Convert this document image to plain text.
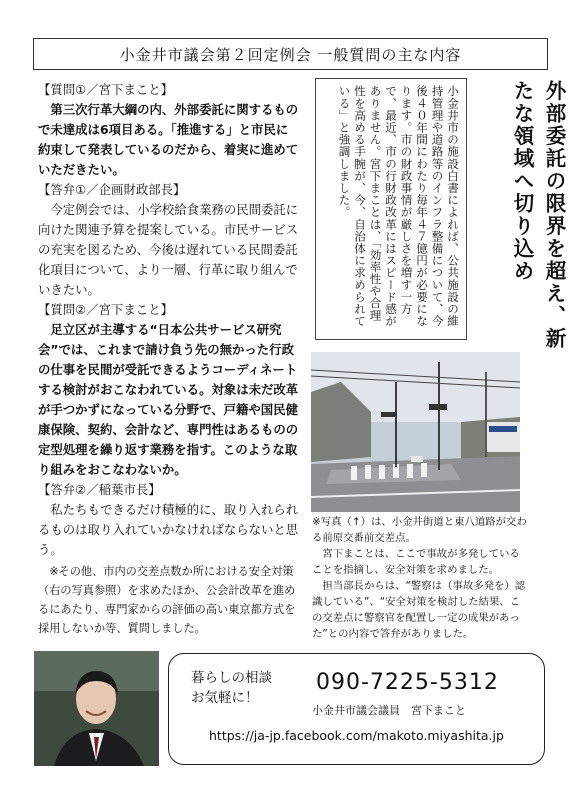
小金井市議会第２回定例会 一般質問の主な内容

【質問①／宮下まこと】

第三次行革大綱の内、外部委託に関するもので未達成は6項目ある。「推進する」と市民に約束して発表しているのだから、着実に進めていただきたい。

【答弁①／企画財政部長】

今定例会では、小学校給食業務の民間委託に向けた関連予算を提案している。市民サービスの充実を図るため、今後は遅れている民間委託化項目について、より一層、行革に取り組んでいきたい。

【質問②／宮下まこと】

足立区が主導する“日本公共サービス研究会”では、これまで請け負う先の無かった行政の仕事を民間が受託できるようコーディネートする検討がおこなわれている。対象は未だ改革が手つかずになっている分野で、戸籍や国民健康保険、契約、会計など、専門性はあるものの定型処理を繰り返す業務を指す。このような取り組みをおこなわないか。

【答弁②／稲葉市長】

私たちもできるだけ積極的に、取り入れられるものは取り入れていかなければならないと思う。

※その他、市内の交差点数か所における安全対策（右の写真参照）を求めたほか、公会計改革を進めるにあたり、専門家からの評価の高い東京都方式を採用しないか等、質問しました。

小金井市の施設白書によれば、公共施設の維持管理や道路等のインフラ整備について、今後４０年間にわたり毎年４７億円が必要になります。市の財政事情が厳しさを増す一方で、最近、市の行財政改革にはスピード感がありません。宮下まことは、「効率性や合理性を高める手腕が、今、自治体に求められている」と強調しました。	外部委託の限界を超え、新たな領域へ切り込め

※写真（↑）は、小金井街道と東八道路が交わる前原交番前交差点。

宮下まことは、ここで事故が多発していることを指摘し、安全対策を求めました。

担当部長からは、“警察は（事故多発を）認識している”、“安全対策を検討した結果、この交差点に警察官を配置し一定の成果があった”との内容で答弁がありました。

暮らしの相談
お気軽に！
090-7225-5312
小金井市議会議員　宮下まこと
https://ja-jp.facebook.com/makoto.miyashita.jp
